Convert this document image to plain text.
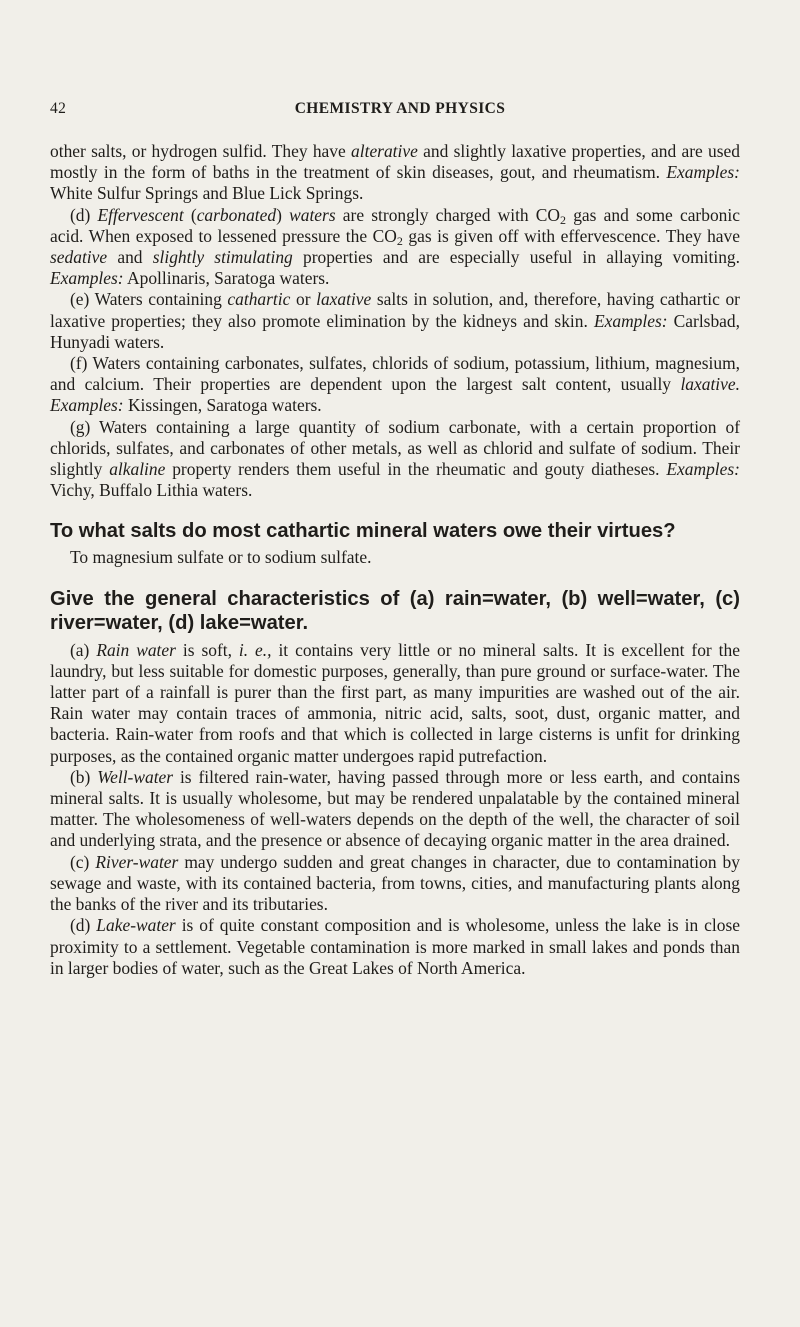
42	CHEMISTRY AND PHYSICS

other salts, or hydrogen sulfid. They have alterative and slightly laxative properties, and are used mostly in the form of baths in the treatment of skin diseases, gout, and rheumatism. Examples: White Sulfur Springs and Blue Lick Springs.

(d) Effervescent (carbonated) waters are strongly charged with $CO_2$ gas and some carbonic acid. When exposed to lessened pressure the $CO_2$ gas is given off with effervescence. They have sedative and slightly stimulating properties and are especially useful in allaying vomiting. Examples: Apollinaris, Saratoga waters.

(e) Waters containing cathartic or laxative salts in solution, and, therefore, having cathartic or laxative properties; they also promote elimination by the kidneys and skin. Examples: Carlsbad, Hunyadi waters.

(f) Waters containing carbonates, sulfates, chlorids of sodium, potassium, lithium, magnesium, and calcium. Their properties are dependent upon the largest salt content, usually laxative. Examples: Kissingen, Saratoga waters.

(g) Waters containing a large quantity of sodium carbonate, with a certain proportion of chlorids, sulfates, and carbonates of other metals, as well as chlorid and sulfate of sodium. Their slightly alkaline property renders them useful in the rheumatic and gouty diatheses. Examples: Vichy, Buffalo Lithia waters.

To what salts do most cathartic mineral waters owe their virtues?

To magnesium sulfate or to sodium sulfate.

Give the general characteristics of (a) rain=water, (b) well=water, (c) river=water, (d) lake=water.

(a) Rain water is soft, i. e., it contains very little or no mineral salts. It is excellent for the laundry, but less suitable for domestic purposes, generally, than pure ground or surface-water. The latter part of a rainfall is purer than the first part, as many impurities are washed out of the air. Rain water may contain traces of ammonia, nitric acid, salts, soot, dust, organic matter, and bacteria. Rain-water from roofs and that which is collected in large cisterns is unfit for drinking purposes, as the contained organic matter undergoes rapid putrefaction.

(b) Well-water is filtered rain-water, having passed through more or less earth, and contains mineral salts. It is usually wholesome, but may be rendered unpalatable by the contained mineral matter. The wholesomeness of well-waters depends on the depth of the well, the character of soil and underlying strata, and the presence or absence of decaying organic matter in the area drained.

(c) River-water may undergo sudden and great changes in character, due to contamination by sewage and waste, with its contained bacteria, from towns, cities, and manufacturing plants along the banks of the river and its tributaries.

(d) Lake-water is of quite constant composition and is wholesome, unless the lake is in close proximity to a settlement. Vegetable contamination is more marked in small lakes and ponds than in larger bodies of water, such as the Great Lakes of North America.
